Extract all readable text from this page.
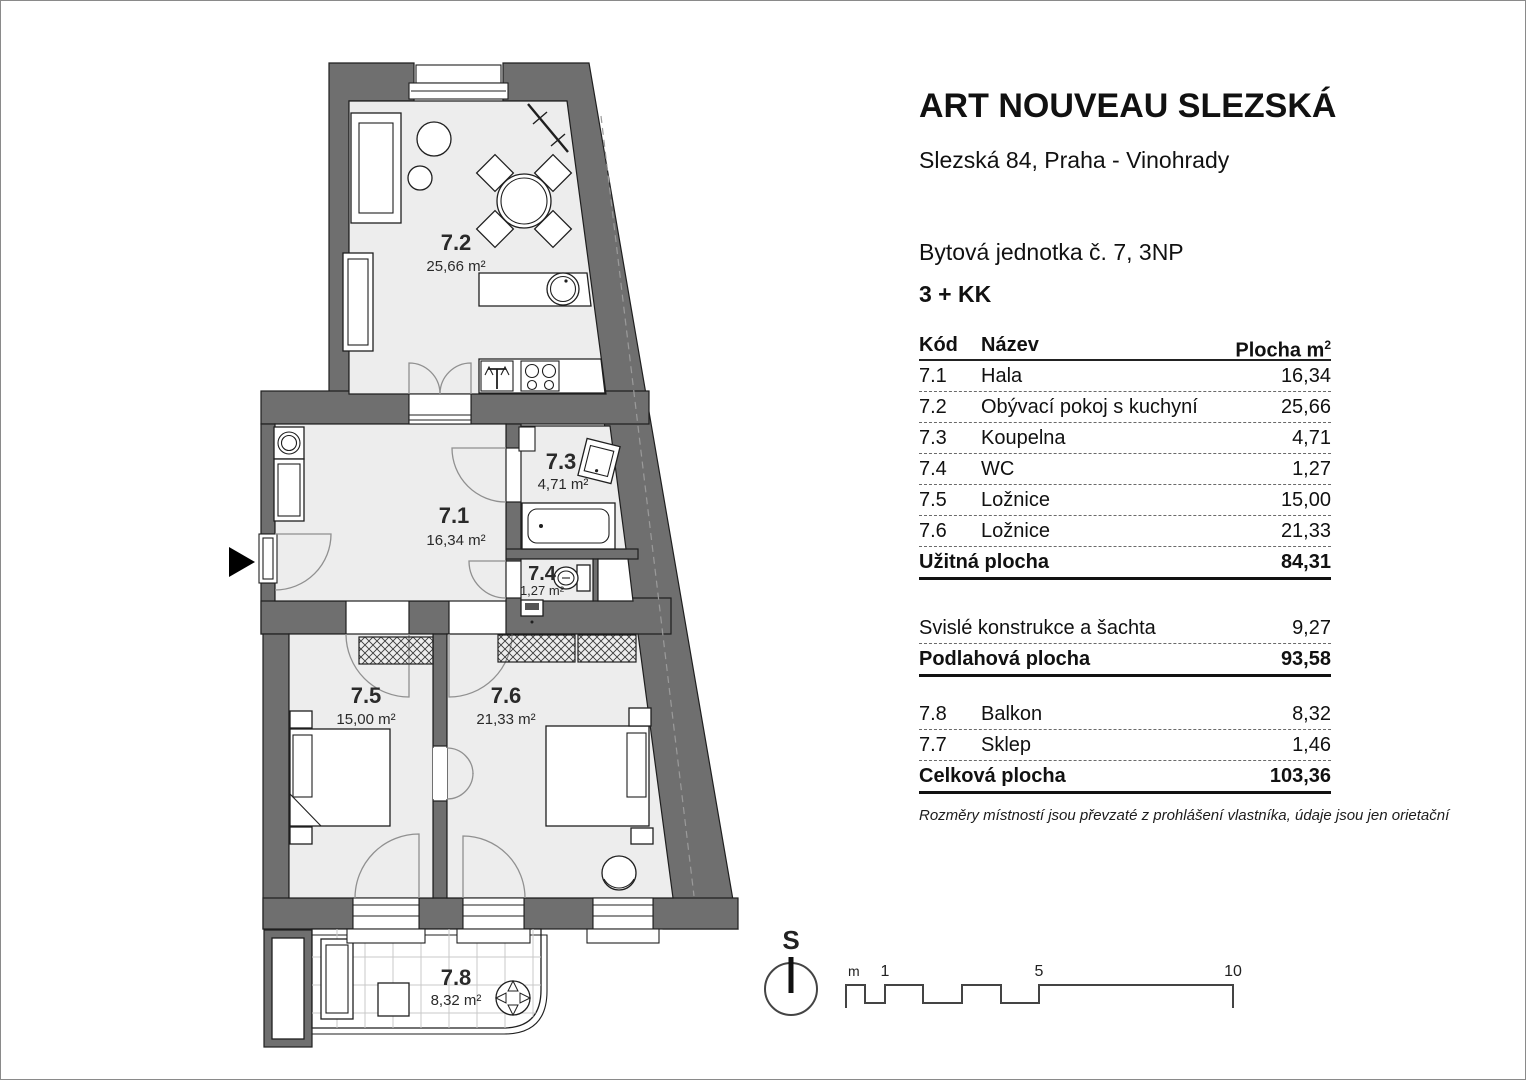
7.2
25,66 m²
7.1
16,34 m²
7.3
4,71 m²
7.4
1,27 m²
7.5
15,00 m²
7.6
21,33 m²
7.8
8,32 m²
ART NOUVEAU SLEZSKÁ
Slezská 84, Praha - Vinohrady
Bytová jednotka č. 7, 3NP
3 + KK
Kód	Název	Plocha $m^2$
7.1	Hala	16,34
7.2	Obývací pokoj s kuchyní	25,66
7.3	Koupelna	4,71
7.4	WC	1,27
7.5	Ložnice	15,00
7.6	Ložnice	21,33
Užitná plocha	84,31
Svislé konstrukce a šachta	9,27
Podlahová plocha	93,58
7.8	Balkon	8,32
7.7	Sklep	1,46
Celková plocha	103,36
Rozměry místností jsou převzaté z prohlášení vlastníka, údaje jsou jen orietační
S
m 1	5	10
